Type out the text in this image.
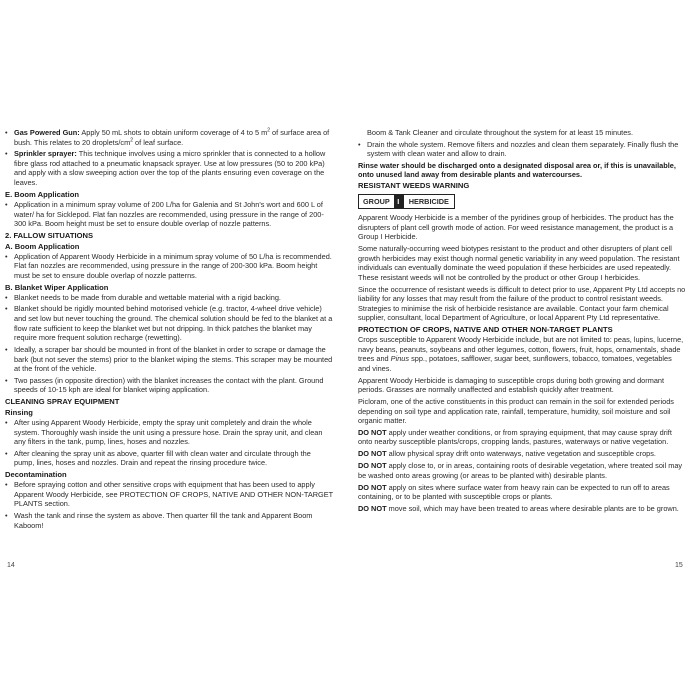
• Gas Powered Gun: Apply 50 mL shots to obtain uniform coverage of 4 to 5 $m^2$ of surface area of bush. This relates to 20 droplets/$cm^2$ of leaf surface.
• Sprinkler sprayer: This technique involves using a micro sprinkler that is connected to a hollow fibre glass rod attached to a pneumatic knapsack sprayer. Use at low pressures (50 to 200 kPa) and apply with a slow sweeping action over the top of the plants ensuring even coverage on the leaves.
E. Boom Application
• Application in a minimum spray volume of 200 L/ha for Galenia and St John's wort and 600 L of water/ ha for Sicklepod. Flat fan nozzles are recommended, using pressure in the range of 200-300 kPa. Boom height must be set to ensure double overlap of nozzle patterns.
2. FALLOW SITUATIONS
A. Boom Application
• Application of Apparent Woody Herbicide in a minimum spray volume of 50 L/ha is recommended. Flat fan nozzles are recommended, using pressure in the range of 200-300 kPa. Boom height must be set to ensure double overlap of nozzle patterns.
B. Blanket Wiper Application
• Blanket needs to be made from durable and wettable material with a rigid backing.
• Blanket should be rigidly mounted behind motorised vehicle (e.g. tractor, 4-wheel drive vehicle) and set low but never touching the ground. The chemical solution should be fed to the blanket at a flow rate sufficient to keep the blanket wet but not dripping. In thick patches the blanket may require more frequent solution recharge (rewetting).
• Ideally, a scraper bar should be mounted in front of the blanket in order to scrape or damage the bark (but not sever the stems) prior to the blanket wiping the stems. This scraper may be mounted at the front of the vehicle.
• Two passes (in opposite direction) with the blanket increases the contact with the plant. Ground speeds of 10-15 kph are ideal for blanket wiping application.
CLEANING SPRAY EQUIPMENT
Rinsing
• After using Apparent Woody Herbicide, empty the spray unit completely and drain the whole system. Thoroughly wash inside the unit using a pressure hose. Drain the spray unit, and clean any filters in the tank, pump, lines, hoses and nozzles.
• After cleaning the spray unit as above, quarter fill with clean water and circulate through the pump, lines, hoses and nozzles. Drain and repeat the rinsing procedure twice.
Decontamination
• Before spraying cotton and other sensitive crops with equipment that has been used to apply Apparent Woody Herbicide, see PROTECTION OF CROPS, NATIVE AND OTHER NON-TARGET PLANTS section.
• Wash the tank and rinse the system as above. Then quarter fill the tank and Apparent Boom Kaboom!
14
Boom & Tank Cleaner and circulate throughout the system for at least 15 minutes.
• Drain the whole system. Remove filters and nozzles and clean them separately. Finally flush the system with clean water and allow to drain.

Rinse water should be discharged onto a designated disposal area or, if this is unavailable, onto unused land away from desirable plants and watercourses.

RESISTANT WEEDS WARNING
GROUP	I	HERBICIDE

Apparent Woody Herbicide is a member of the pyridines group of herbicides. The product has the disrupters of plant cell growth mode of action. For weed resistance management, the product is a Group I Herbicide.

Some naturally-occurring weed biotypes resistant to the product and other disrupters of plant cell growth herbicides may exist though normal genetic variability in any weed population. The resistant individuals can eventually dominate the weed population if these herbicides are used repeatedly. These resistant weeds will not be controlled by the product or other Group I herbicides.

Since the occurrence of resistant weeds is difficult to detect prior to use, Apparent Pty Ltd accepts no liability for any losses that may result from the failure of the product to control resistant weeds. Strategies to minimise the risk of herbicide resistance are available. Contact your farm chemical supplier, consultant, local Department of Agriculture, or local Apparent Pty Ltd representative.

PROTECTION OF CROPS, NATIVE AND OTHER NON-TARGET PLANTS

Crops susceptible to Apparent Woody Herbicide include, but are not limited to: peas, lupins, lucerne, navy beans, peanuts, soybeans and other legumes, cotton, flowers, fruit, hops, ornamentals, shade trees and Pinus spp., potatoes, safflower, sugar beet, sunflowers, tobacco, tomatoes, vegetables and vines.

Apparent Woody Herbicide is damaging to susceptible crops during both growing and dormant periods. Grasses are normally unaffected and establish quickly after treatment.

Picloram, one of the active constituents in this product can remain in the soil for extended periods depending on soil type and application rate, rainfall, temperature, humidity, soil moisture and soil organic matter.

DO NOT apply under weather conditions, or from spraying equipment, that may cause spray drift onto nearby susceptible plants/crops, cropping lands, pastures, waterways or native vegetation.

DO NOT allow physical spray drift onto waterways, native vegetation and susceptible crops.

DO NOT apply close to, or in areas, containing roots of desirable vegetation, where treated soil may be washed onto areas growing (or areas to be planted with) desirable plants.

DO NOT apply on sites where surface water from heavy rain can be expected to run off to areas containing, or to be planted with susceptible crops or plants.

DO NOT move soil, which may have been treated to areas where desirable plants are to be grown.

15
